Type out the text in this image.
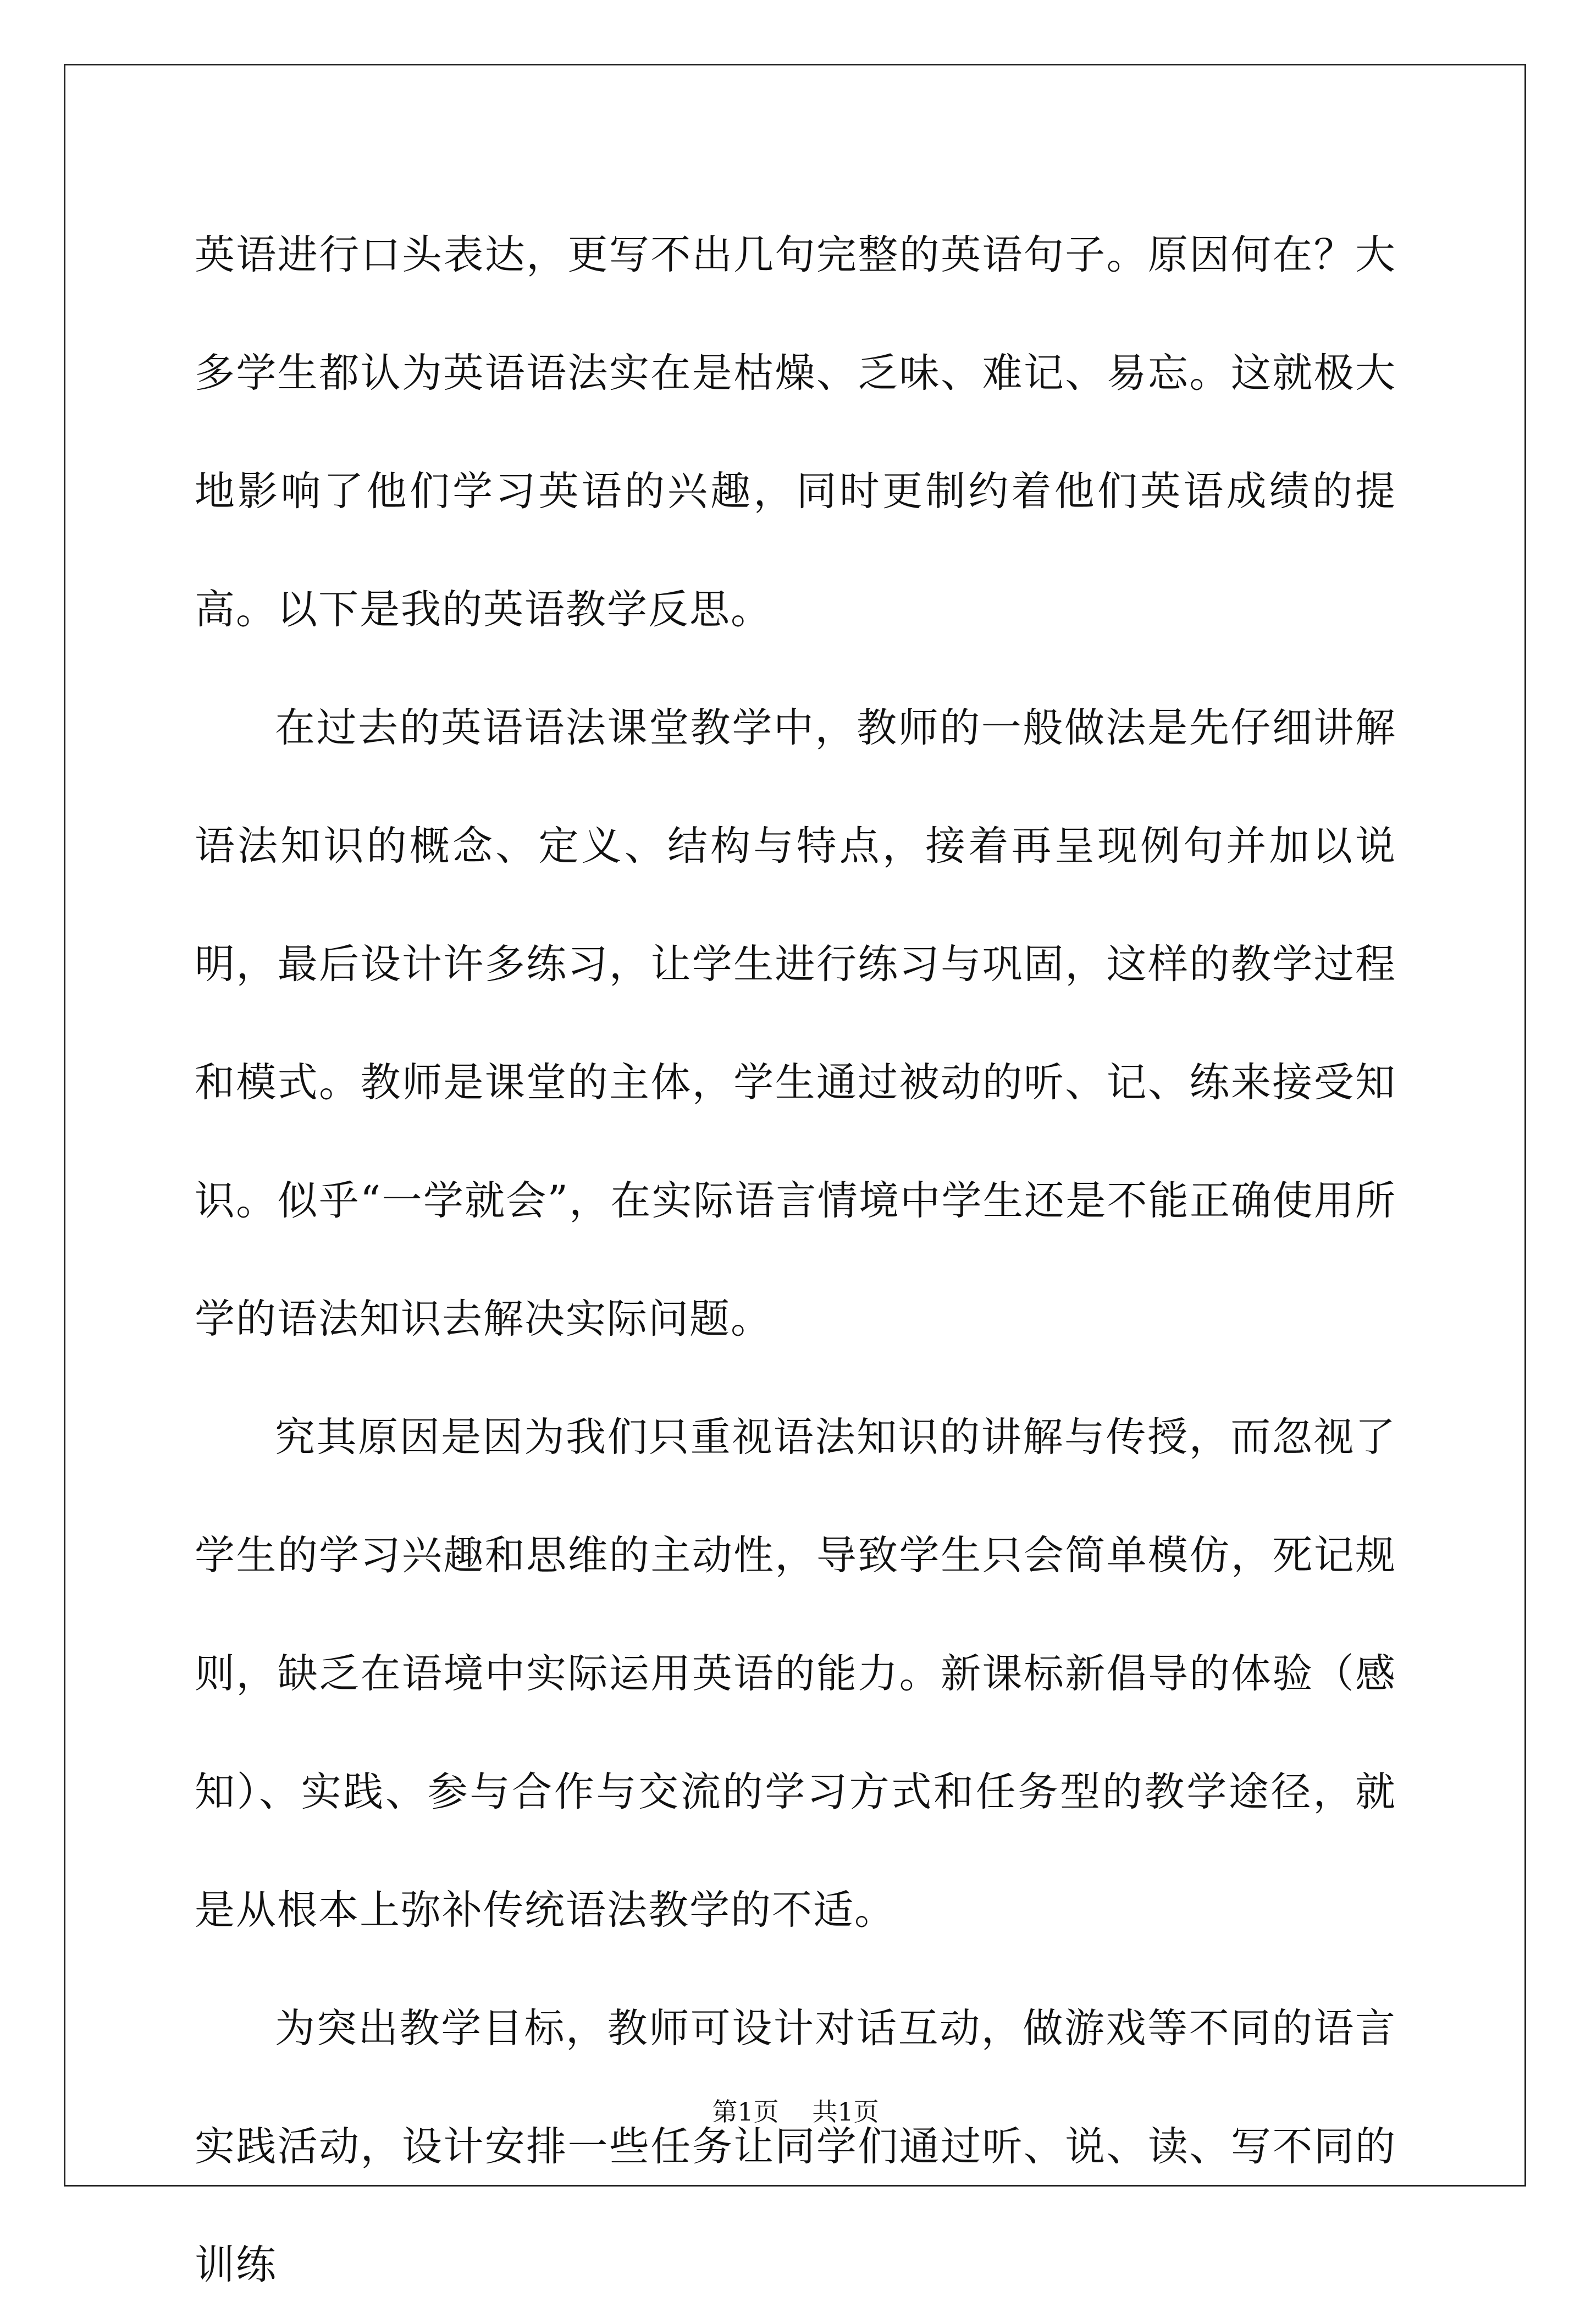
英语进行口头表达，更写不出几句完整的英语句子。原因何在？大多学生都认为英语语法实在是枯燥、乏味、难记、易忘。这就极大地影响了他们学习英语的兴趣，同时更制约着他们英语成绩的提高。以下是我的英语教学反思。

在过去的英语语法课堂教学中，教师的一般做法是先仔细讲解语法知识的概念、定义、结构与特点，接着再呈现例句并加以说明，最后设计许多练习，让学生进行练习与巩固，这样的教学过程和模式。教师是课堂的主体，学生通过被动的听、记、练来接受知识。似乎“一学就会”，在实际语言情境中学生还是不能正确使用所学的语法知识去解决实际问题。

究其原因是因为我们只重视语法知识的讲解与传授，而忽视了学生的学习兴趣和思维的主动性，导致学生只会简单模仿，死记规则，缺乏在语境中实际运用英语的能力。新课标新倡导的体验（感知）、实践、参与合作与交流的学习方式和任务型的教学途径，就是从根本上弥补传统语法教学的不适。

为突出教学目标，教师可设计对话互动，做游戏等不同的语言实践活动，设计安排一些任务让同学们通过听、说、读、写不同的训练

第1页 共1页
